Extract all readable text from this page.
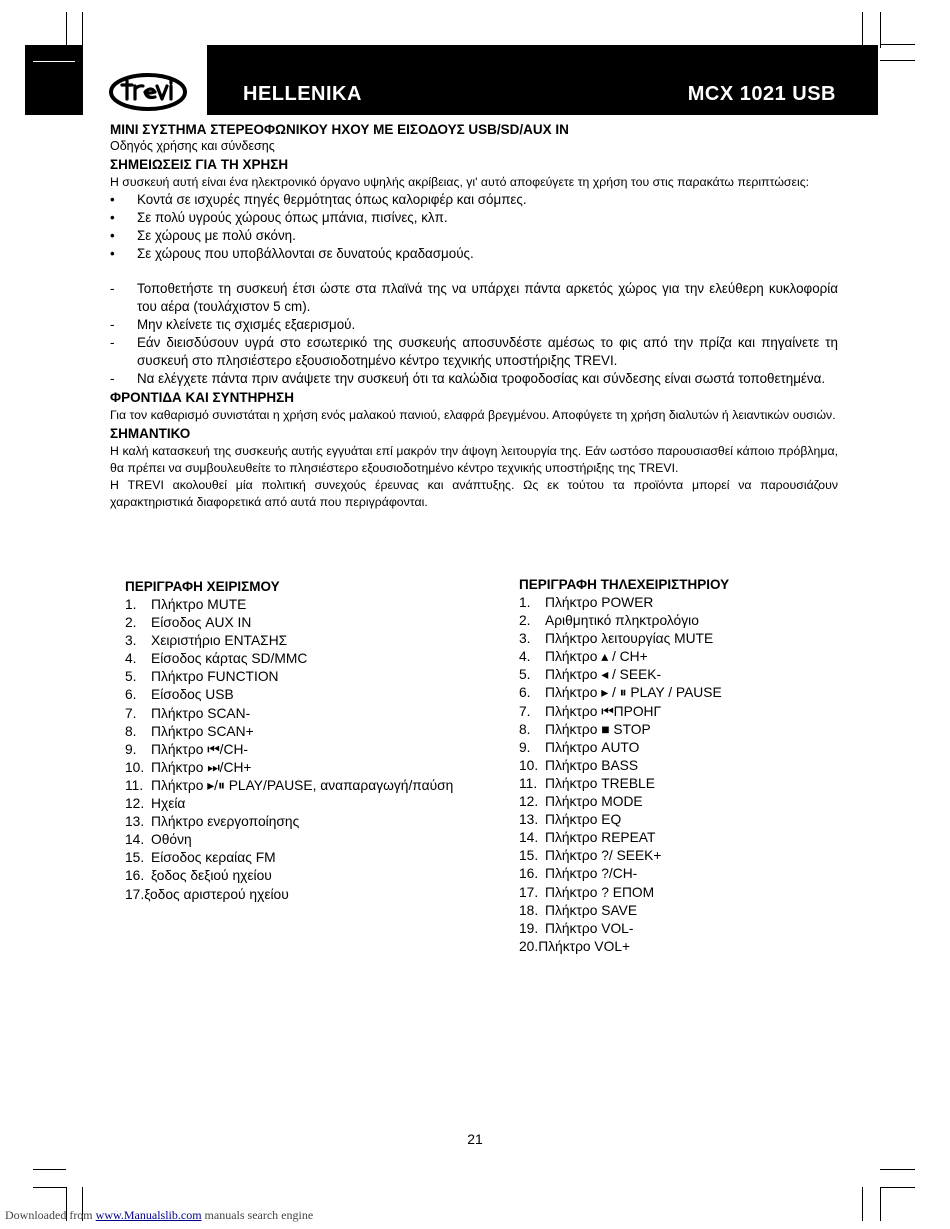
HELLENIKA	MCX 1021 USB

ΜΙΝΙ ΣΥΣΤΗΜΑ ΣΤΕΡΕΟΦΩΝΙΚΟΥ ΗΧΟΥ ΜΕ ΕΙΣΟΔΟΥΣ USB/SD/AUX IN

Οδηγός χρήσης και σύνδεσης

ΣΗΜΕΙΩΣΕΙΣ ΓΙΑ ΤΗ ΧΡΗΣΗ

Η συσκευή αυτή είναι ένα ηλεκτρονικό όργανο υψηλής ακρίβειας, γι' αυτό αποφεύγετε τη χρήση του στις παρακάτω περιπτώσεις:

•	Κοντά σε ισχυρές πηγές θερμότητας όπως καλοριφέρ και σόμπες.
•	Σε πολύ υγρούς χώρους όπως μπάνια, πισίνες, κλπ.
•	Σε χώρους με πολύ σκόνη.
•	Σε χώρους που υποβάλλονται σε δυνατούς κραδασμούς.
-	Τοποθετήστε τη συσκευή έτσι ώστε στα πλαϊνά της να υπάρχει πάντα αρκετός χώρος για την ελεύθερη κυκλοφορία του αέρα (τουλάχιστον 5 cm).
-	Μην κλείνετε τις σχισμές εξαερισμού.
-	Εάν διεισδύσουν υγρά στο εσωτερικό της συσκευής αποσυνδέστε αμέσως το φις από την πρίζα και πηγαίνετε τη συσκευή στο πλησιέστερο εξουσιοδοτημένο κέντρο τεχνικής υποστήριξης TREVI.
-	Να ελέγχετε πάντα πριν ανάψετε την συσκευή ότι τα καλώδια τροφοδοσίας και σύνδεσης είναι σωστά τοποθετημένα.

ΦΡΟΝΤΙΔΑ ΚΑΙ ΣΥΝΤΗΡΗΣΗ

Για τον καθαρισμό συνιστάται η χρήση ενός μαλακού πανιού, ελαφρά βρεγμένου. Αποφύγετε τη χρήση διαλυτών ή λειαντικών ουσιών.

ΣΗΜΑΝΤΙΚΟ

Η καλή κατασκευή της συσκευής αυτής εγγυάται επί μακρόν την άψογη λειτουργία της. Εάν ωστόσο παρουσιασθεί κάποιο πρόβλημα, θα πρέπει να συμβουλευθείτε το πλησιέστερο εξουσιοδοτημένο κέντρο τεχνικής υποστήριξης της TREVI.

Η TREVI ακολουθεί μία πολιτική συνεχούς έρευνας και ανάπτυξης. Ως εκ τούτου τα προϊόντα μπορεί να παρουσιάζουν χαρακτηριστικά διαφορετικά από αυτά που περιγράφονται.

ΠΕΡΙΓΡΑΦΗ ΧΕΙΡΙΣΜΟΥ
1. Πλήκτρο MUTE
2. Είσοδος AUX IN
3. Χειριστήριο ΕΝΤΑΣΗΣ
4. Είσοδος κάρτας SD/MMC
5. Πλήκτρο FUNCTION
6. Είσοδος USB
7. Πλήκτρο SCAN-
8. Πλήκτρο SCAN+
9. Πλήκτρο ⏮/CH-
10. Πλήκτρο ⏭/CH+
11. Πλήκτρο ▸/⏸ PLAY/PAUSE, αναπαραγωγή/παύση
12. Ηχεία
13. Πλήκτρο ενεργοποίησης
14. Οθόνη
15. Είσοδος κεραίας FM
16. ξοδος δεξιού ηχείου
17.ξοδος αριστερού ηχείου
ΠΕΡΙΓΡΑΦΗ ΤΗΛΕΧΕΙΡΙΣΤΗΡΙΟΥ
1. Πλήκτρο POWER
2. Αριθμητικό πληκτρολόγιο
3. Πλήκτρο λειτουργίας MUTE
4. Πλήκτρο ▴ / CH+
5. Πλήκτρο ◂ / SEEK-
6. Πλήκτρο ▸ / ⏸ PLAY / PAUSE
7. Πλήκτρο ⏮ΠΡΟΗΓ
8. Πλήκτρο ■ STOP
9. Πλήκτρο AUTO
10. Πλήκτρο BASS
11. Πλήκτρο TREBLE
12. Πλήκτρο MODE
13. Πλήκτρο EQ
14. Πλήκτρο REPEAT
15. Πλήκτρο ?/ SEEK+
16. Πλήκτρο ?/CH-
17. Πλήκτρο ? ΕΠΟΜ
18. Πλήκτρο SAVE
19. Πλήκτρο VOL-
20.Πλήκτρο VOL+
21
Downloaded from www.Manualslib.com manuals search engine
